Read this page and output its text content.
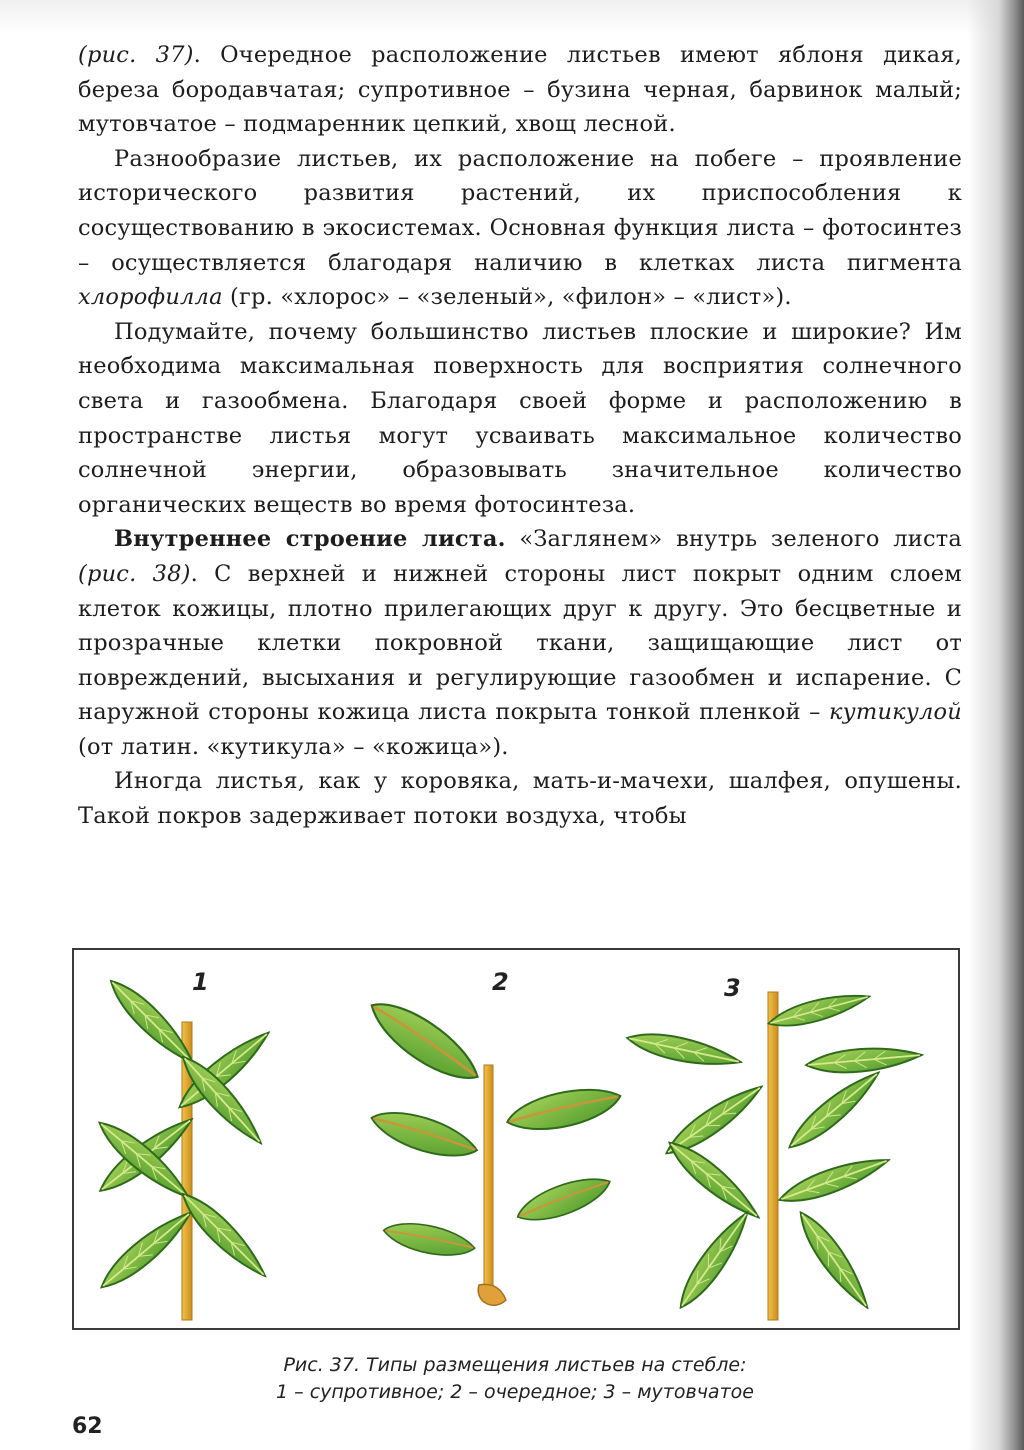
(рис. 37). Очередное расположение листьев имеют яблоня дикая, береза бородавчатая; супротивное – бузина черная, барвинок малый; мутовчатое – подмаренник цепкий, хвощ лесной.

Разнообразие листьев, их расположение на побеге – проявление исторического развития растений, их приспособления к сосуществованию в экосистемах. Основная функция листа – фотосинтез – осуществляется благодаря наличию в клетках листа пигмента хлорофилла (гр. «хлорос» – «зеленый», «филон» – «лист»).

Подумайте, почему большинство листьев плоские и широкие? Им необходима максимальная поверхность для восприятия солнечного света и газообмена. Благодаря своей форме и расположению в пространстве листья могут усваивать максимальное количество солнечной энергии, образовывать значительное количество органических веществ во время фотосинтеза.

Внутреннее строение листа. «Заглянем» внутрь зеленого листа (рис. 38). С верхней и нижней стороны лист покрыт одним слоем клеток кожицы, плотно прилегающих друг к другу. Это бесцветные и прозрачные клетки покровной ткани, защищающие лист от повреждений, высыхания и регулирующие газообмен и испарение. С наружной стороны кожица листа покрыта тонкой пленкой – кутикулой (от латин. «кутикула» – «кожица»).

Иногда листья, как у коровяка, мать-и-мачехи, шалфея, опушены. Такой покров задерживает потоки воздуха, чтобы

1	2	3
Рис. 37. Типы размещения листьев на стебле:
1 – супротивное; 2 – очередное; 3 – мутовчатое
62
